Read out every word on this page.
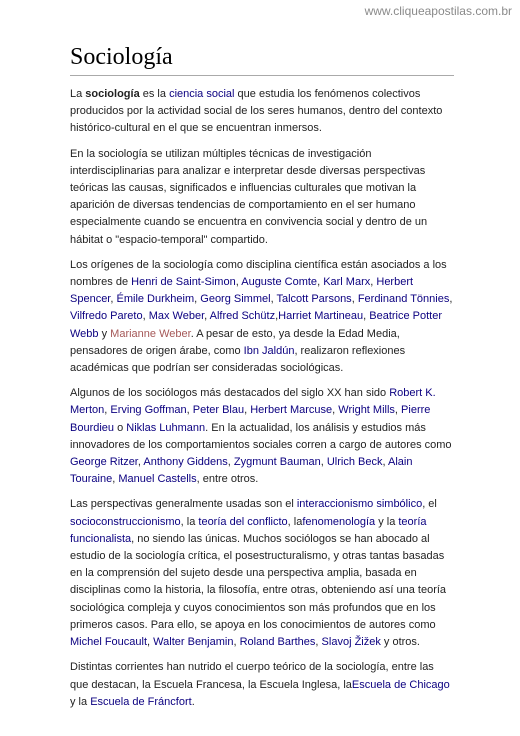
www.cliqueapostilas.com.br
Sociología

La sociología es la ciencia social que estudia los fenómenos colectivos producidos por la actividad social de los seres humanos, dentro del contexto histórico-cultural en el que se encuentran inmersos.

En la sociología se utilizan múltiples técnicas de investigación interdisciplinarias para analizar e interpretar desde diversas perspectivas teóricas las causas, significados e influencias culturales que motivan la aparición de diversas tendencias de comportamiento en el ser humano especialmente cuando se encuentra en convivencia social y dentro de un hábitat o "espacio-temporal" compartido.

Los orígenes de la sociología como disciplina científica están asociados a los nombres de Henri de Saint-Simon, Auguste Comte, Karl Marx, Herbert Spencer, Émile Durkheim, Georg Simmel, Talcott Parsons, Ferdinand Tönnies, Vilfredo Pareto, Max Weber, Alfred Schütz,Harriet Martineau, Beatrice Potter Webb y Marianne Weber. A pesar de esto, ya desde la Edad Media, pensadores de origen árabe, como Ibn Jaldún, realizaron reflexiones académicas que podrían ser consideradas sociológicas.

Algunos de los sociólogos más destacados del siglo XX han sido Robert K. Merton, Erving Goffman, Peter Blau, Herbert Marcuse, Wright Mills, Pierre Bourdieu o Niklas Luhmann. En la actualidad, los análisis y estudios más innovadores de los comportamientos sociales corren a cargo de autores como George Ritzer, Anthony Giddens, Zygmunt Bauman, Ulrich Beck, Alain Touraine, Manuel Castells, entre otros.

Las perspectivas generalmente usadas son el interaccionismo simbólico, el socioconstruccionismo, la teoría del conflicto, lafenomenología y la teoría funcionalista, no siendo las únicas. Muchos sociólogos se han abocado al estudio de la sociología crítica, el posestructuralismo, y otras tantas basadas en la comprensión del sujeto desde una perspectiva amplia, basada en disciplinas como la historia, la filosofía, entre otras, obteniendo así una teoría sociológica compleja y cuyos conocimientos son más profundos que en los primeros casos. Para ello, se apoya en los conocimientos de autores como Michel Foucault, Walter Benjamin, Roland Barthes, Slavoj Žižek y otros.

Distintas corrientes han nutrido el cuerpo teórico de la sociología, entre las que destacan, la Escuela Francesa, la Escuela Inglesa, laEscuela de Chicago y la Escuela de Fráncfort.
